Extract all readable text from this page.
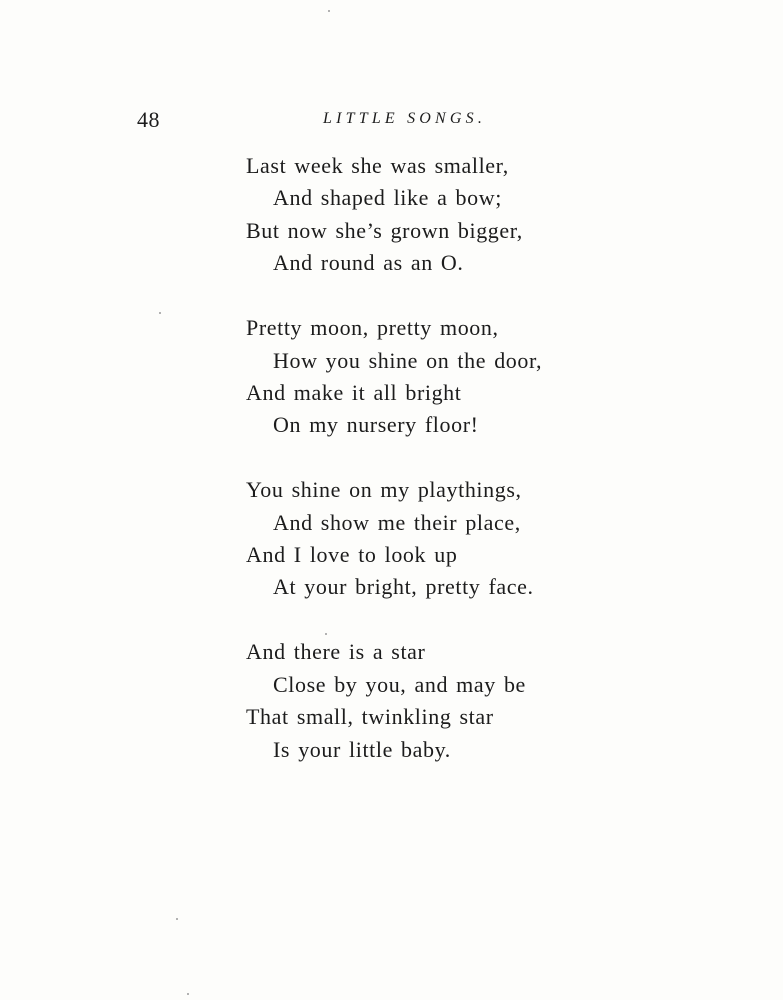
48	LITTLE SONGS.
Last week she was smaller,
And shaped like a bow;
But now she’s grown bigger,
And round as an O.
Pretty moon, pretty moon,
How you shine on the door,
And make it all bright
On my nursery floor!
You shine on my playthings,
And show me their place,
And I love to look up
At your bright, pretty face.
And there is a star
Close by you, and may be
That small, twinkling star
Is your little baby.
